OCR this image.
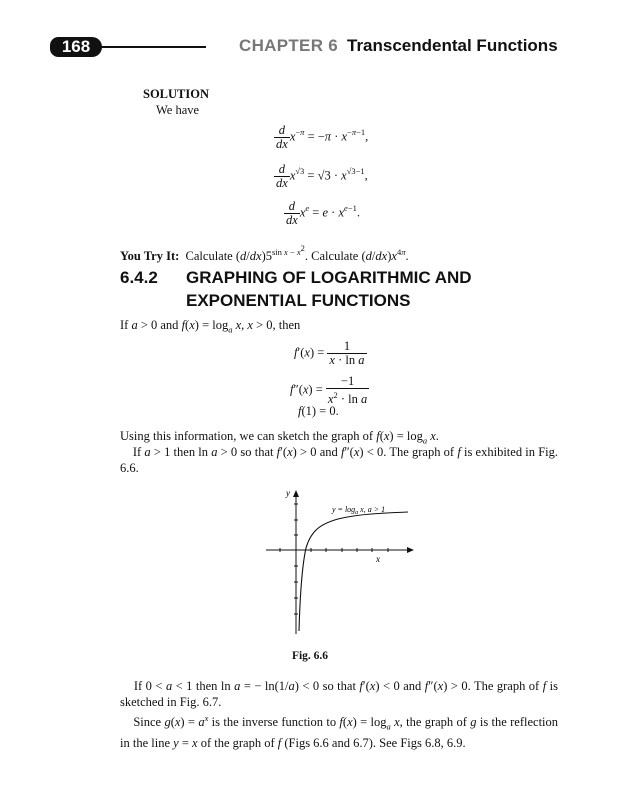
168	CHAPTER 6 Transcendental Functions
SOLUTION
We have
$\frac{d}{dx} x^{-\pi} = -\pi \cdot x^{-\pi-1}$,
$\frac{d}{dx} x^{√3} = √3 \cdot x^{√3-1}$,
$\frac{d}{dx} x^e = e \cdot x^{e-1}$.
You Try It:  Calculate $(d/dx)5^{sin x - x^2}$. Calculate $(d/dx)x^{4\pi}$.
6.4.2 GRAPHING OF LOGARITHMIC AND
EXPONENTIAL FUNCTIONS
If a > 0 and $f(x) = \log_a x$, x > 0, then
$f'(x) = \frac{1}{\text{x · ln a}}$
$f''(x) = \frac{-1}{x^2 \cdot \ln a}$
f(1) = 0.
Using this information, we can sketch the graph of $f(x) = \log_a x$.
If a > 1 then ln a > 0 so that f′(x) > 0 and f″(x) < 0. The graph of f is exhibited in Fig. 6.6.
y
x
$y = \log_a x$, a > 1
Fig. 6.6
If 0 < a < 1 then ln a = − ln(1/a) < 0 so that f′(x) < 0 and f″(x) > 0. The graph of f is sketched in Fig. 6.7.
Since $g(x) = a^x$ is the inverse function to $f(x) = \log_a x$, the graph of g is the reflection in the line y = x of the graph of f (Figs 6.6 and 6.7). See Figs 6.8, 6.9.
